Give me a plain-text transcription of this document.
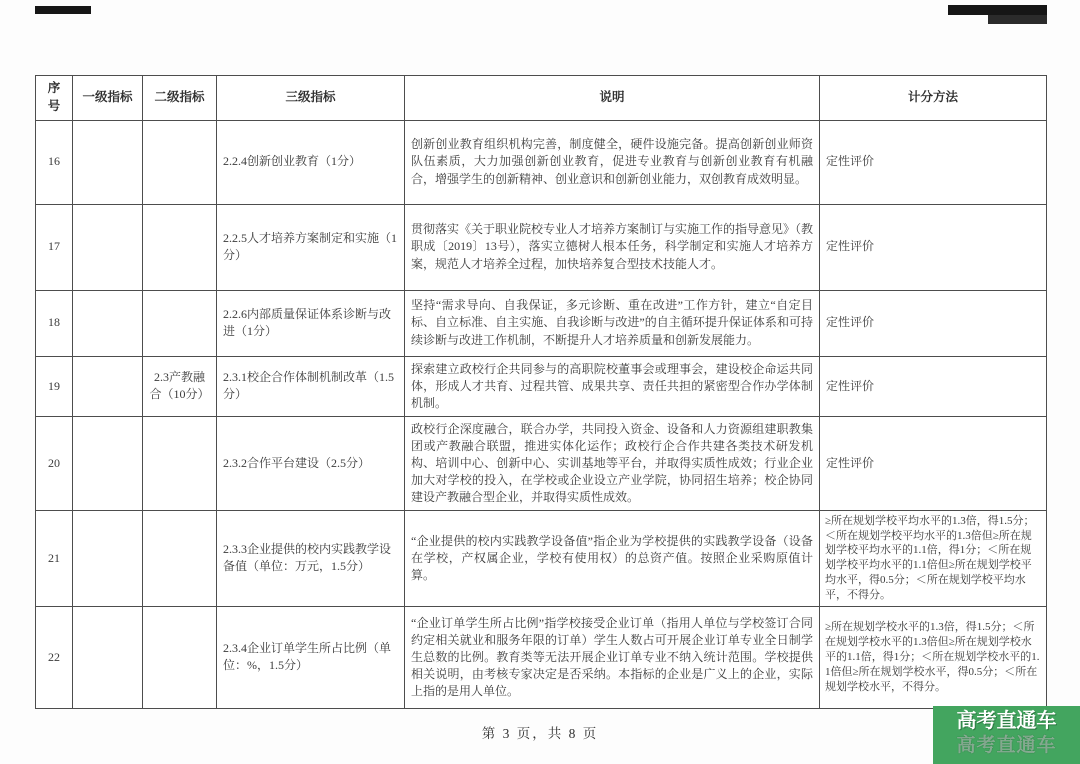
序号	一级指标	二级指标	三级指标	说明	计分方法
16			2.2.4创新创业教育（1分）	创新创业教育组织机构完善，制度健全，硬件设施完备。提高创新创业师资队伍素质，大力加强创新创业教育，促进专业教育与创新创业教育有机融合，增强学生的创新精神、创业意识和创新创业能力，双创教育成效明显。	定性评价
17			2.2.5人才培养方案制定和实施（1分）	贯彻落实《关于职业院校专业人才培养方案制订与实施工作的指导意见》（教职成〔2019〕13号），落实立德树人根本任务，科学制定和实施人才培养方案，规范人才培养全过程，加快培养复合型技术技能人才。	定性评价
18			2.2.6内部质量保证体系诊断与改进（1分）	坚持“需求导向、自我保证，多元诊断、重在改进”工作方针，建立“自定目标、自立标准、自主实施、自我诊断与改进”的自主循环提升保证体系和可持续诊断与改进工作机制，不断提升人才培养质量和创新发展能力。	定性评价
19		2.3产教融合（10分）	2.3.1校企合作体制机制改革（1.5分）	探索建立政校行企共同参与的高职院校董事会或理事会，建设校企命运共同体，形成人才共育、过程共管、成果共享、责任共担的紧密型合作办学体制机制。	定性评价
20			2.3.2合作平台建设（2.5分）	政校行企深度融合，联合办学，共同投入资金、设备和人力资源组建职教集团或产教融合联盟，推进实体化运作；政校行企合作共建各类技术研发机构、培训中心、创新中心、实训基地等平台，并取得实质性成效；行业企业加大对学校的投入，在学校或企业设立产业学院，协同招生培养；校企协同建设产教融合型企业，并取得实质性成效。	定性评价
21			2.3.3企业提供的校内实践教学设备值（单位：万元，1.5分）	“企业提供的校内实践教学设备值”指企业为学校提供的实践教学设备（设备在学校，产权属企业，学校有使用权）的总资产值。按照企业采购原值计算。	≥所在规划学校平均水平的1.3倍，得1.5分；＜所在规划学校平均水平的1.3倍但≥所在规划学校平均水平的1.1倍，得1分；＜所在规划学校平均水平的1.1倍但≥所在规划学校平均水平，得0.5分；＜所在规划学校平均水平，不得分。
22			2.3.4企业订单学生所占比例（单位：%，1.5分）	“企业订单学生所占比例”指学校接受企业订单（指用人单位与学校签订合同约定相关就业和服务年限的订单）学生人数占可开展企业订单专业全日制学生总数的比例。教育类等无法开展企业订单专业不纳入统计范围。学校提供相关说明，由考核专家决定是否采纳。本指标的企业是广义上的企业，实际上指的是用人单位。	≥所在规划学校水平的1.3倍，得1.5分；＜所在规划学校水平的1.3倍但≥所在规划学校水平的1.1倍，得1分；＜所在规划学校水平的1.1倍但≥所在规划学校水平，得0.5分；＜所在规划学校水平，不得分。
第 3 页，共 8 页
高考直通车
高考直通车
